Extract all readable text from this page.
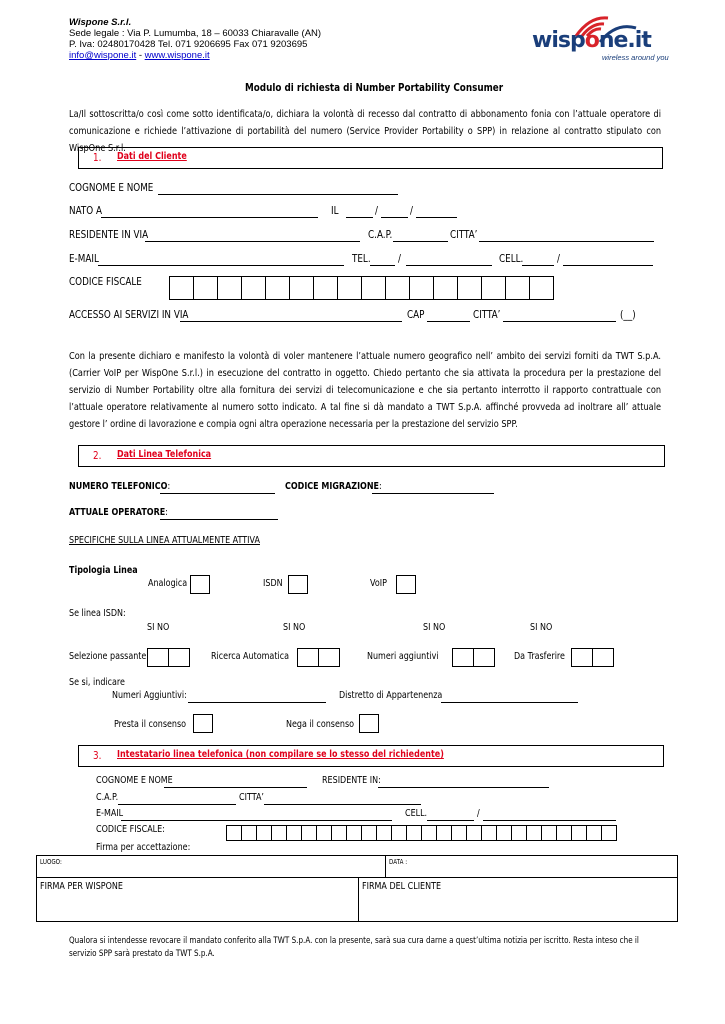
Wispone S.r.l.
Sede legale : Via P. Lumumba, 18 – 60033 Chiaravalle (AN)
P. Iva: 02480170428 Tel. 071 9206695 Fax 071 9203695
info@wispone.it - www.wispone.it
wispone.it
wireless around you
Modulo di richiesta di Number Portability Consumer
La/Il sottoscritta/o così come sotto identificata/o, dichiara la volontà di recesso dal contratto di abbonamento fonia con l’attuale operatore di comunicazione e richiede l’attivazione di portabilità del numero (Service Provider Portability o SPP) in relazione al contratto stipulato con WispOne S.r.l.
1. Dati del Cliente
COGNOME E NOME
NATO A	IL	/	/
RESIDENTE IN VIA	C.A.P.	CITTA’
E-MAIL	TEL. /	CELL.	/
CODICE FISCALE
ACCESSO AI SERVIZI IN VIA	CAP	CITTA’	(__)
Con la presente dichiaro e manifesto la volontà di voler mantenere l’attuale numero geografico nell’ ambito dei servizi forniti da TWT S.p.A. (Carrier VoIP per WispOne S.r.l.) in esecuzione del contratto in oggetto. Chiedo pertanto che sia attivata la procedura per la prestazione del servizio di Number Portability oltre alla fornitura dei servizi di telecomunicazione e che sia pertanto interrotto il rapporto contrattuale con l’attuale operatore relativamente al numero sotto indicato. A tal fine si dà mandato a TWT S.p.A. affinché provveda ad inoltrare all’ attuale gestore l’ ordine di lavorazione e compia ogni altra operazione necessaria per la prestazione del servizio SPP.
2. Dati Linea Telefonica
NUMERO TELEFONICO:	CODICE MIGRAZIONE:
ATTUALE OPERATORE:
SPECIFICHE SULLA LINEA ATTUALMENTE ATTIVA
Tipologia Linea
Analogica	ISDN	VoIP
Se linea ISDN:
SI NO	SI NO	SI NO	SI NO
Selezione passante	Ricerca Automatica	Numeri aggiuntivi	Da Trasferire
Se si, indicare
Numeri Aggiuntivi:	Distretto di Appartenenza
Presta il consenso	Nega il consenso
3. Intestatario linea telefonica (non compilare se lo stesso del richiedente)
COGNOME E NOME	RESIDENTE IN:
C.A.P.	CITTA’
E-MAIL	CELL.	/
CODICE FISCALE:
Firma per accettazione:
LUOGO:	DATA :
FIRMA PER WISPONE	FIRMA DEL CLIENTE
Qualora si intendesse revocare il mandato conferito alla TWT S.p.A. con la presente, sarà sua cura darne a quest’ultima notizia per iscritto. Resta inteso che il servizio SPP sarà prestato da TWT S.p.A.
